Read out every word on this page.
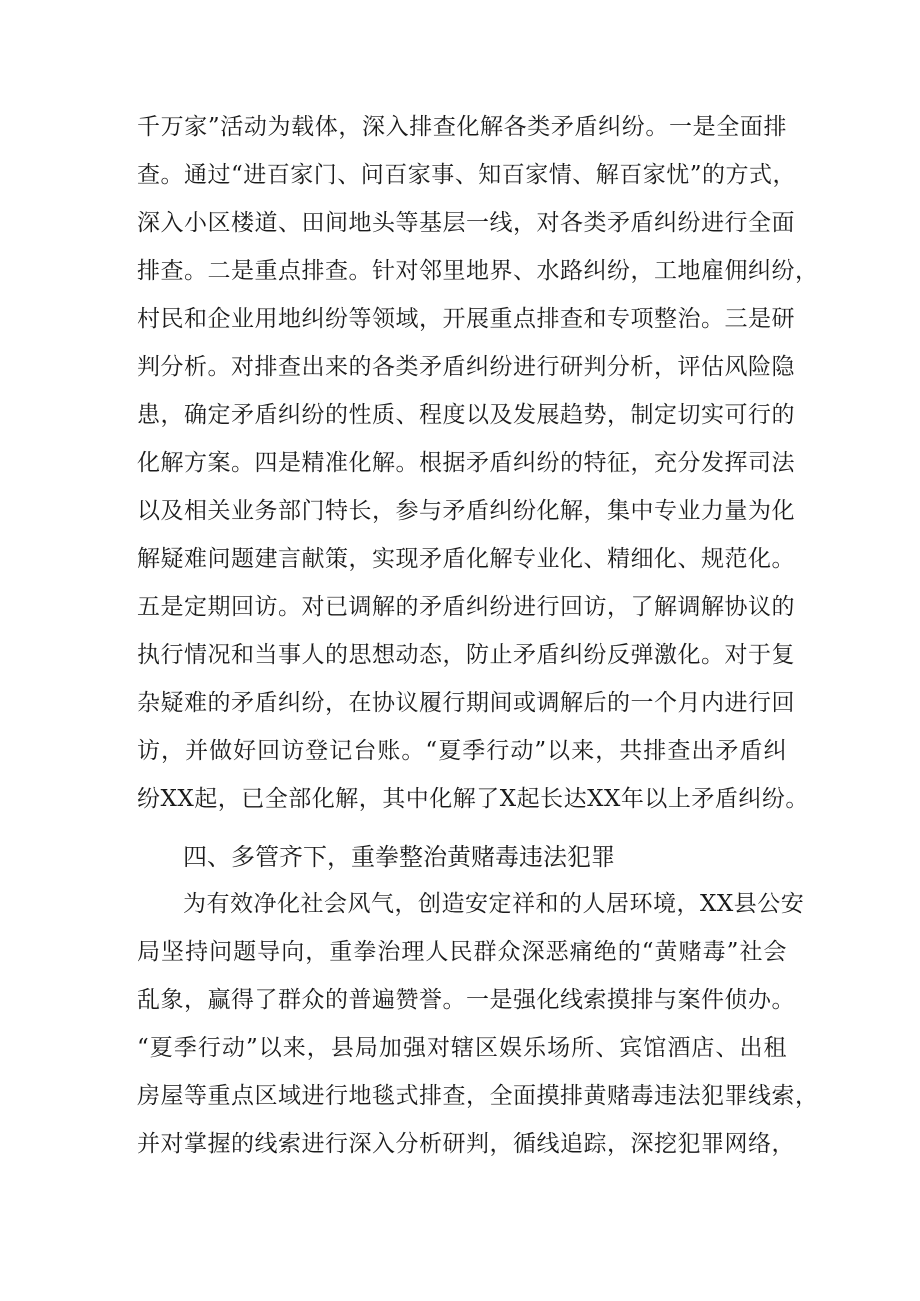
千万家”活动为载体，深入排查化解各类矛盾纠纷。一是全面排
查。通过“进百家门、问百家事、知百家情、解百家忧”的方式，
深入小区楼道、田间地头等基层一线，对各类矛盾纠纷进行全面
排查。二是重点排查。针对邻里地界、水路纠纷，工地雇佣纠纷，
村民和企业用地纠纷等领域，开展重点排查和专项整治。三是研
判分析。对排查出来的各类矛盾纠纷进行研判分析，评估风险隐
患，确定矛盾纠纷的性质、程度以及发展趋势，制定切实可行的
化解方案。四是精准化解。根据矛盾纠纷的特征，充分发挥司法
以及相关业务部门特长，参与矛盾纠纷化解，集中专业力量为化
解疑难问题建言献策，实现矛盾化解专业化、精细化、规范化。
五是定期回访。对已调解的矛盾纠纷进行回访，了解调解协议的
执行情况和当事人的思想动态，防止矛盾纠纷反弹激化。对于复
杂疑难的矛盾纠纷，在协议履行期间或调解后的一个月内进行回
访，并做好回访登记台账。“夏季行动”以来，共排查出矛盾纠
纷XX起，已全部化解，其中化解了X起长达XX年以上矛盾纠纷。
四、多管齐下，重拳整治黄赌毒违法犯罪
为有效净化社会风气，创造安定祥和的人居环境，XX县公安
局坚持问题导向，重拳治理人民群众深恶痛绝的“黄赌毒”社会
乱象，赢得了群众的普遍赞誉。一是强化线索摸排与案件侦办。
“夏季行动”以来，县局加强对辖区娱乐场所、宾馆酒店、出租
房屋等重点区域进行地毯式排查，全面摸排黄赌毒违法犯罪线索，
并对掌握的线索进行深入分析研判，循线追踪，深挖犯罪网络，
